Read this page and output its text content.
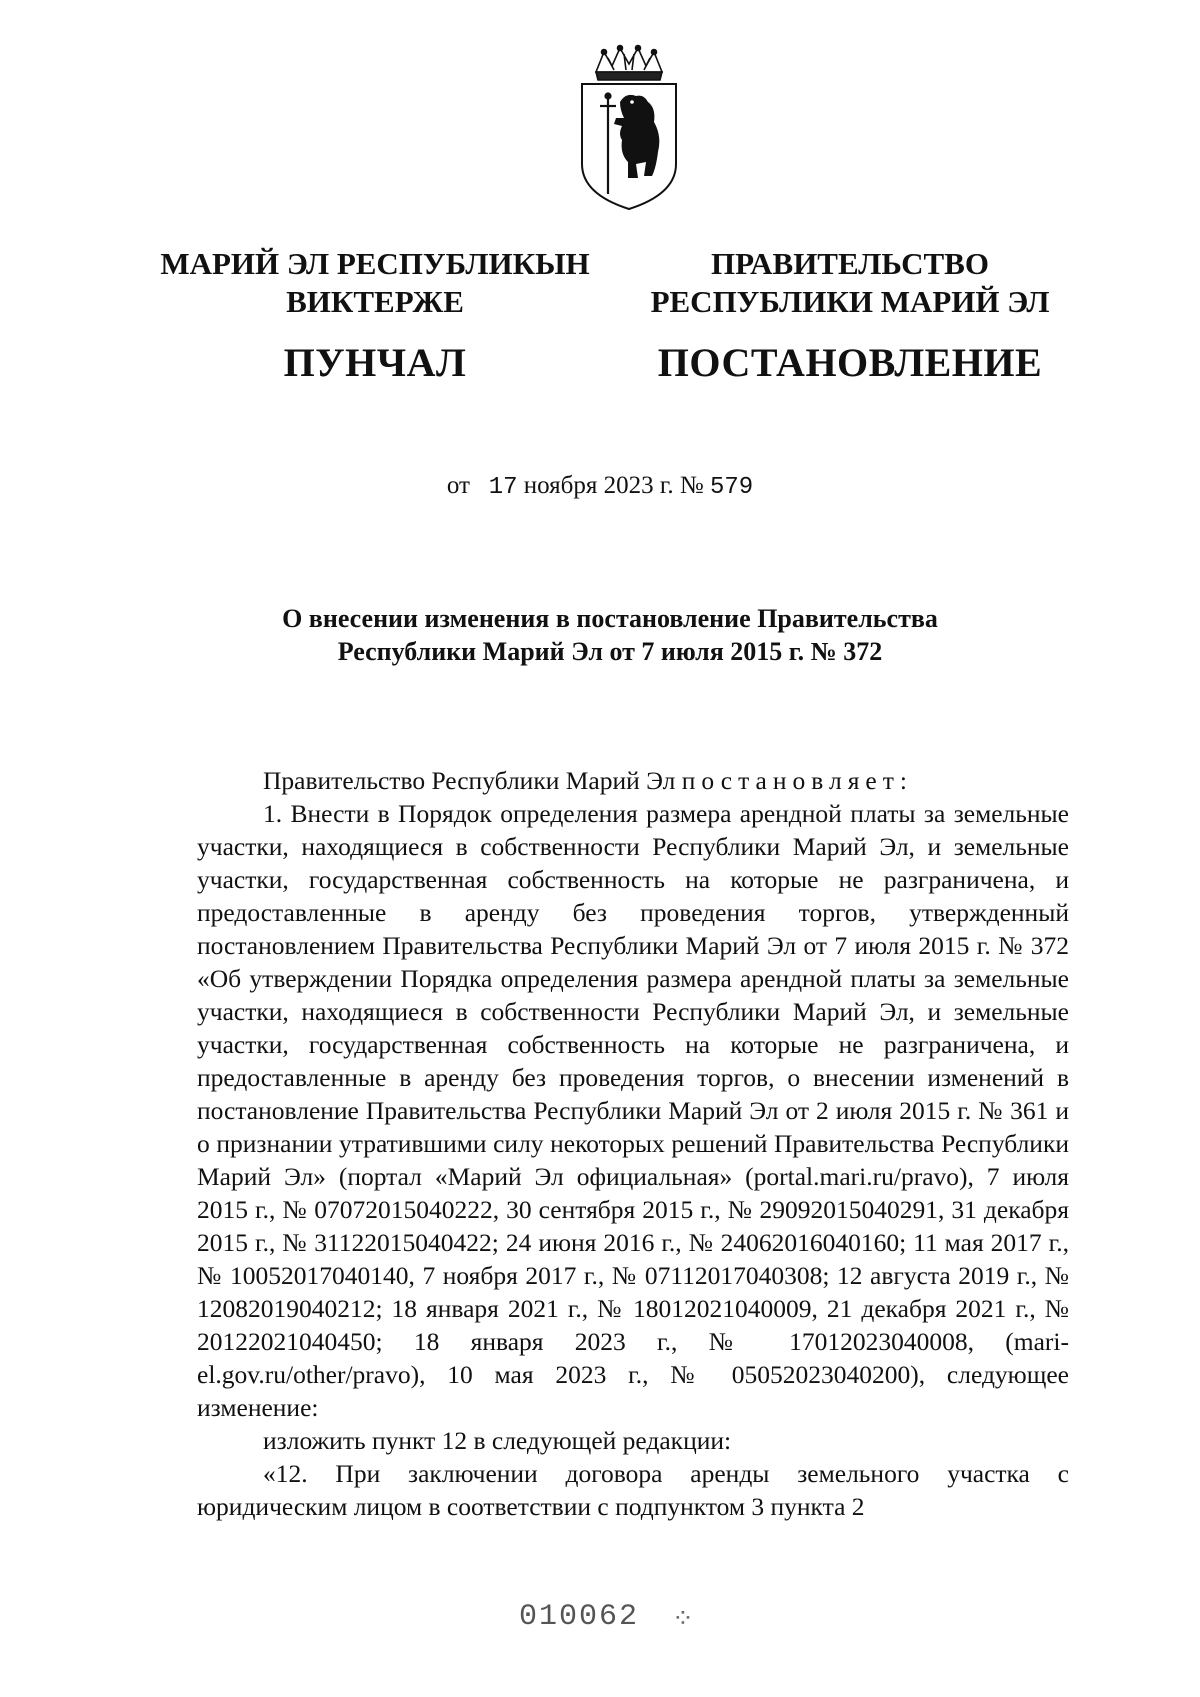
МАРИЙ ЭЛ РЕСПУБЛИКЫН
ВИКТЕРЖЕ
ПУНЧАЛ
ПРАВИТЕЛЬСТВО
РЕСПУБЛИКИ МАРИЙ ЭЛ
ПОСТАНОВЛЕНИЕ
от 17 ноября 2023 г. № 579
О внесении изменения в постановление Правительства
Республики Марий Эл от 7 июля 2015 г. № 372

Правительство Республики Марий Эл постановляет:

1. Внести в Порядок определения размера арендной платы за земельные участки, находящиеся в собственности Республики Марий Эл, и земельные участки, государственная собственность на которые не разграничена, и предоставленные в аренду без проведения торгов, утвержденный постановлением Правительства Республики Марий Эл от 7 июля 2015 г. № 372 «Об утверждении Порядка определения размера арендной платы за земельные участки, находящиеся в собственности Республики Марий Эл, и земельные участки, государственная собственность на которые не разграничена, и предоставленные в аренду без проведения торгов, о внесении изменений в постановление Правительства Республики Марий Эл от 2 июля 2015 г. № 361 и о признании утратившими силу некоторых решений Правительства Республики Марий Эл» (портал «Марий Эл официальная» (portal.mari.ru/pravo), 7 июля 2015 г., № 07072015040222, 30 сентября 2015 г., № 29092015040291, 31 декабря 2015 г., № 31122015040422; 24 июня 2016 г., № 24062016040160; 11 мая 2017 г., № 10052017040140, 7 ноября 2017 г., № 07112017040308; 12 августа 2019 г., № 12082019040212; 18 января 2021 г., № 18012021040009, 21 декабря 2021 г., № 20122021040450; 18 января 2023 г., № 17012023040008, (mari-el.gov.ru/other/pravo), 10 мая 2023 г., № 05052023040200), следующее изменение:

изложить пункт 12 в следующей редакции:

«12. При заключении договора аренды земельного участка с юридическим лицом в соответствии с подпунктом 3 пункта 2

010062 ⁘
